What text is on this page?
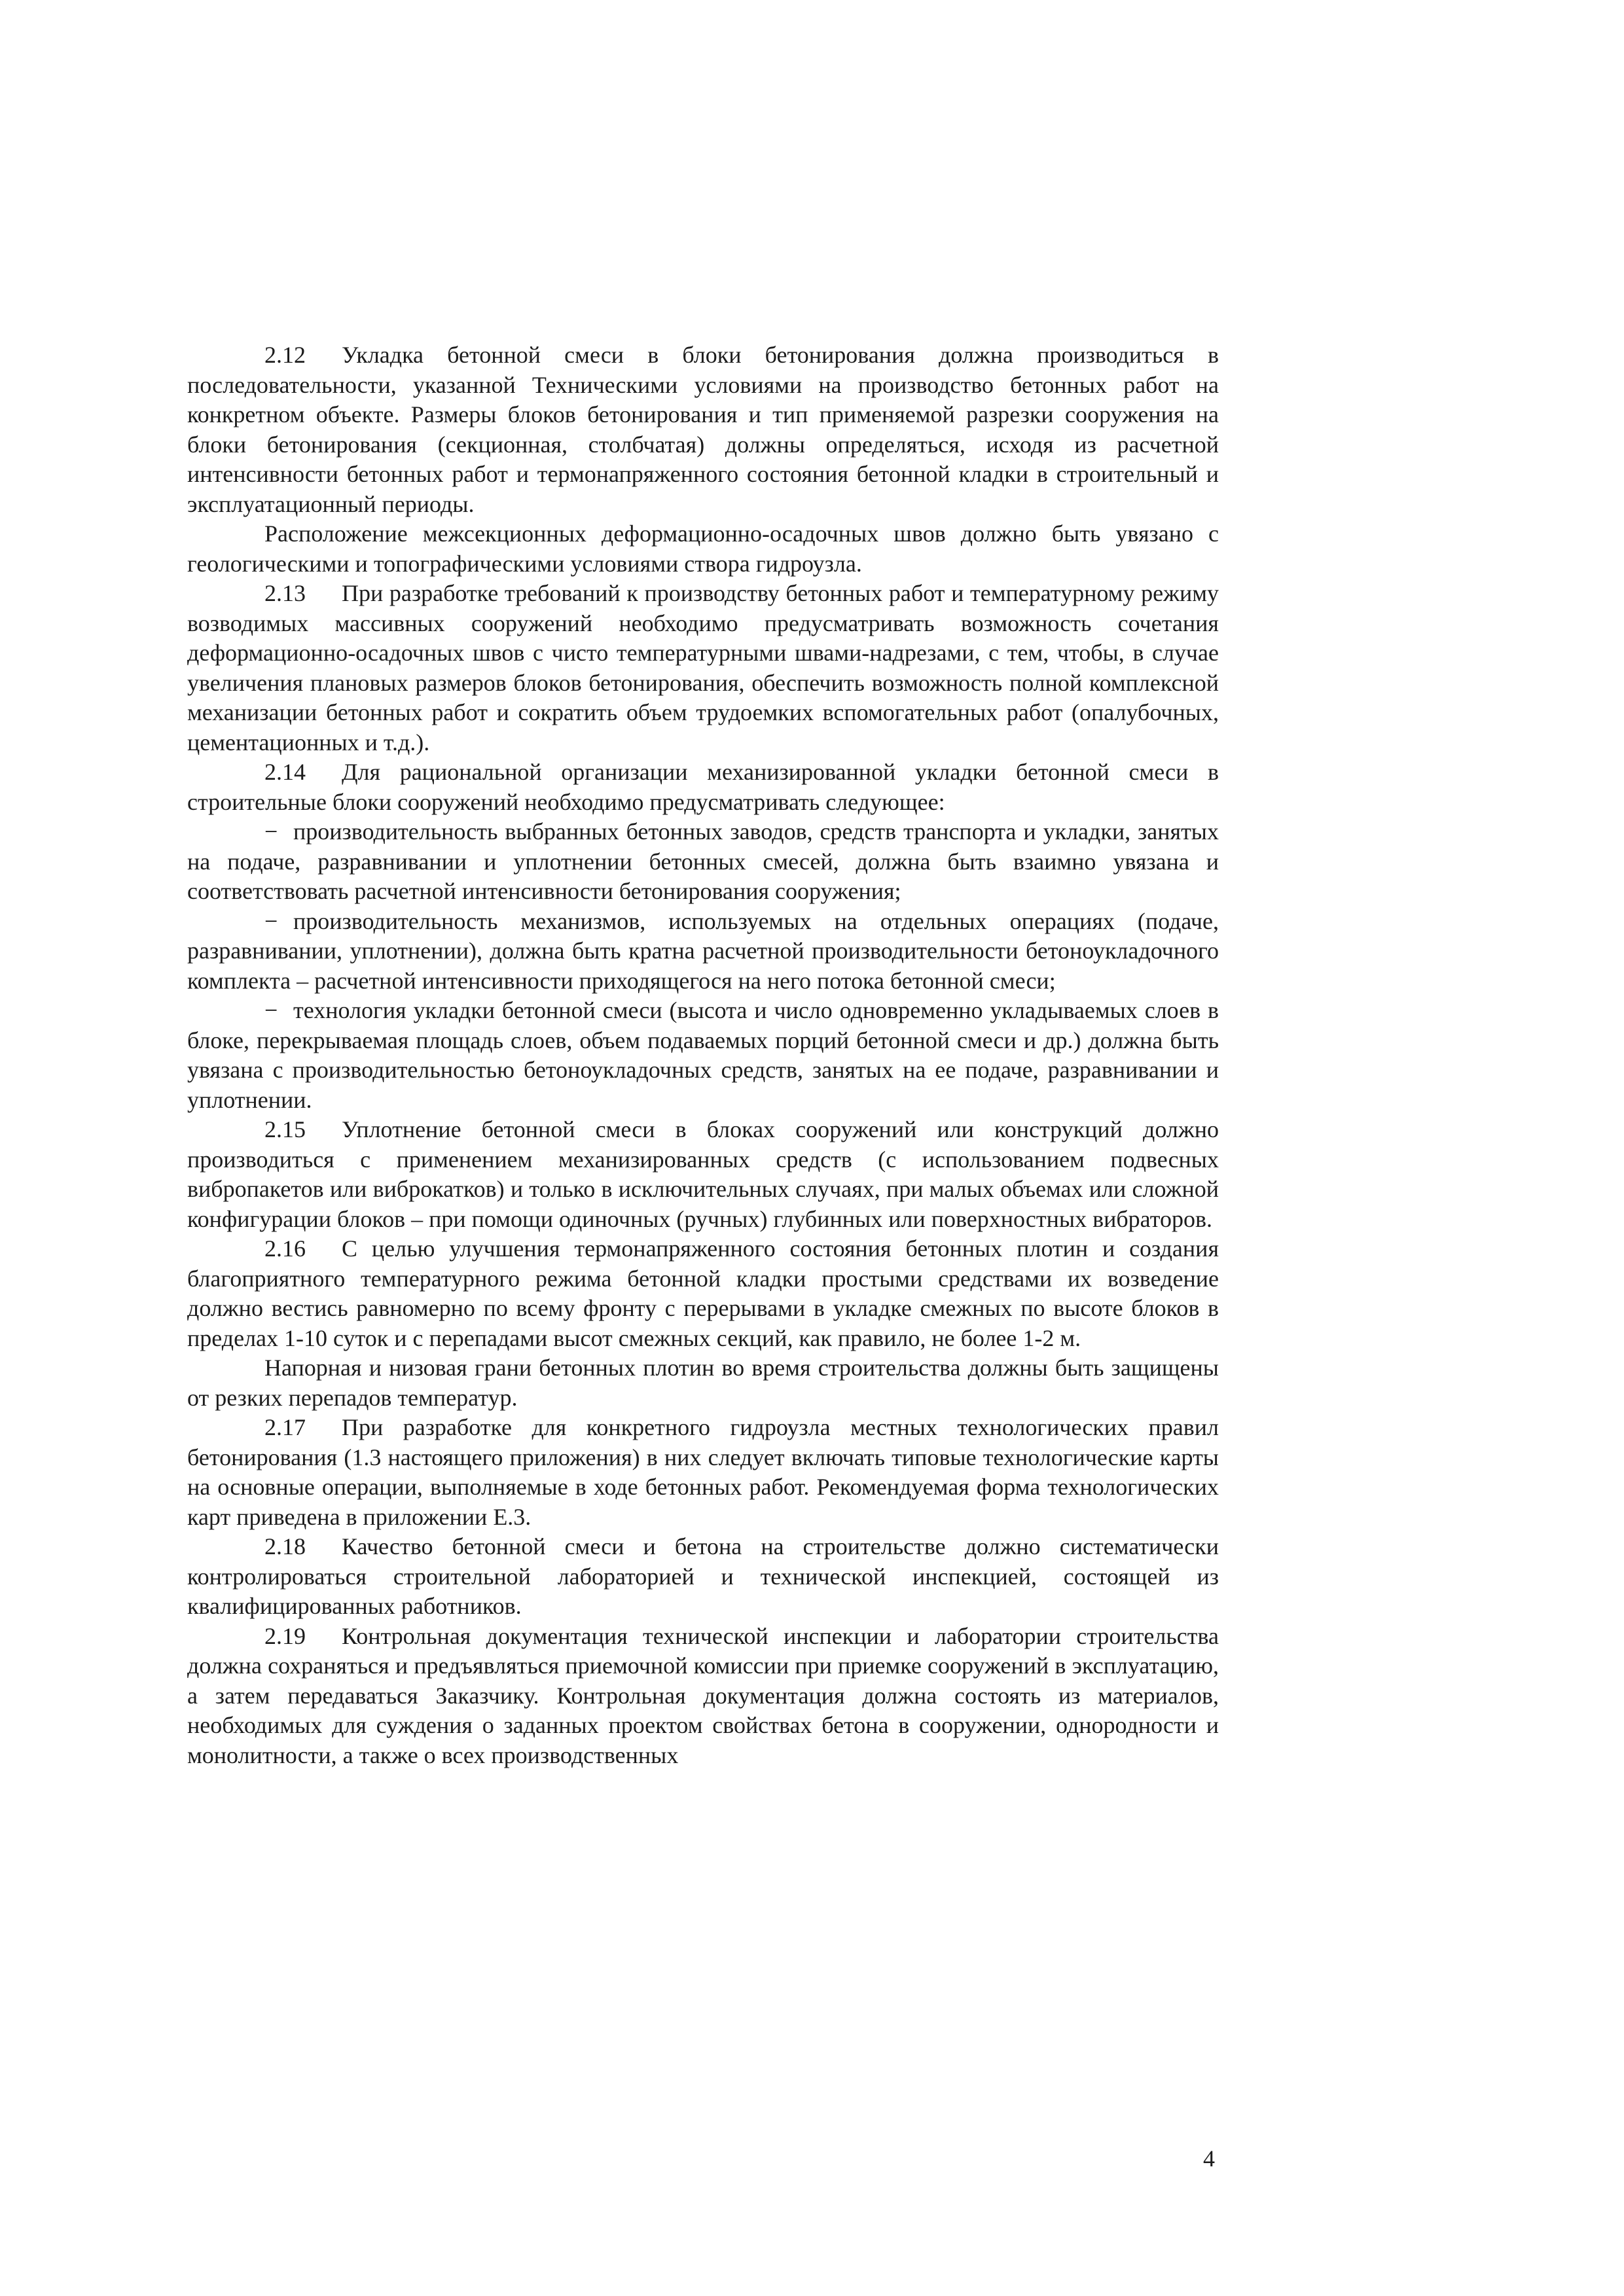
2.12 Укладка бетонной смеси в блоки бетонирования должна производиться в последовательности, указанной Техническими условиями на производство бетонных работ на конкретном объекте. Размеры блоков бетонирования и тип применяемой разрезки сооружения на блоки бетонирования (секционная, столбчатая) должны определяться, исходя из расчетной интенсивности бетонных работ и термонапряженного состояния бетонной кладки в строительный и эксплуатационный периоды.

Расположение межсекционных деформационно-осадочных швов должно быть увязано с геологическими и топографическими условиями створа гидроузла.

2.13 При разработке требований к производству бетонных работ и температурному режиму возводимых массивных сооружений необходимо предусматривать возможность сочетания деформационно-осадочных швов с чисто температурными швами-надрезами, с тем, чтобы, в случае увеличения плановых размеров блоков бетонирования, обеспечить возможность полной комплексной механизации бетонных работ и сократить объем трудоемких вспомогательных работ (опалубочных, цементационных и т.д.).

2.14 Для рациональной организации механизированной укладки бетонной смеси в строительные блоки сооружений необходимо предусматривать следующее:

− производительность выбранных бетонных заводов, средств транспорта и укладки, занятых на подаче, разравнивании и уплотнении бетонных смесей, должна быть взаимно увязана и соответствовать расчетной интенсивности бетонирования сооружения;

− производительность механизмов, используемых на отдельных операциях (подаче, разравнивании, уплотнении), должна быть кратна расчетной производительности бетоноукладочного комплекта – расчетной интенсивности приходящегося на него потока бетонной смеси;

− технология укладки бетонной смеси (высота и число одновременно укладываемых слоев в блоке, перекрываемая площадь слоев, объем подаваемых порций бетонной смеси и др.) должна быть увязана с производительностью бетоноукладочных средств, занятых на ее подаче, разравнивании и уплотнении.

2.15 Уплотнение бетонной смеси в блоках сооружений или конструкций должно производиться с применением механизированных средств (с использованием подвесных вибропакетов или виброкатков) и только в исключительных случаях, при малых объемах или сложной конфигурации блоков – при помощи одиночных (ручных) глубинных или поверхностных вибраторов.

2.16 С целью улучшения термонапряженного состояния бетонных плотин и создания благоприятного температурного режима бетонной кладки простыми средствами их возведение должно вестись равномерно по всему фронту с перерывами в укладке смежных по высоте блоков в пределах 1-10 суток и с перепадами высот смежных секций, как правило, не более 1-2 м.

Напорная и низовая грани бетонных плотин во время строительства должны быть защищены от резких перепадов температур.

2.17 При разработке для конкретного гидроузла местных технологических правил бетонирования (1.3 настоящего приложения) в них следует включать типовые технологические карты на основные операции, выполняемые в ходе бетонных работ. Рекомендуемая форма технологических карт приведена в приложении Е.3.

2.18 Качество бетонной смеси и бетона на строительстве должно систематически контролироваться строительной лабораторией и технической инспекцией, состоящей из квалифицированных работников.

2.19 Контрольная документация технической инспекции и лаборатории строительства должна сохраняться и предъявляться приемочной комиссии при приемке сооружений в эксплуатацию, а затем передаваться Заказчику. Контрольная документация должна состоять из материалов, необходимых для суждения о заданных проектом свойствах бетона в сооружении, однородности и монолитности, а также о всех производственных

4
